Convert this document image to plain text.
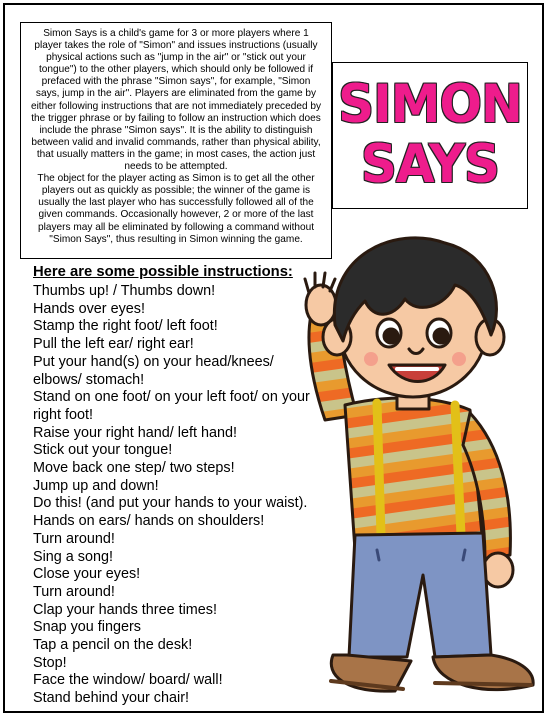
Simon Says is a child's game for 3 or more players where 1 player takes the role of "Simon" and issues instructions (usually physical actions such as "jump in the air" or "stick out your tongue") to the other players, which should only be followed if prefaced with the phrase "Simon says", for example, "Simon says, jump in the air". Players are eliminated from the game by either following instructions that are not immediately preceded by the trigger phrase or by failing to follow an instruction which does include the phrase "Simon says". It is the ability to distinguish between valid and invalid commands, rather than physical ability, that usually matters in the game; in most cases, the action just needs to be attempted.

The object for the player acting as Simon is to get all the other players out as quickly as possible; the winner of the game is usually the last player who has successfully followed all of the given commands. Occasionally however, 2 or more of the last players may all be eliminated by following a command without "Simon Says", thus resulting in Simon winning the game.

SIMON
SAYS
Here are some possible instructions:
Thumbs up! / Thumbs down!
Hands over eyes!
Stamp the right foot/ left foot!
Pull the left ear/ right ear!
Put your hand(s) on your head/knees/ elbows/ stomach!
Stand on one foot/ on your left foot/ on your right foot!
Raise your right hand/ left hand!
Stick out your tongue!
Move back one step/ two steps!
Jump up and down!
Do this! (and put your hands to your waist).
Hands on ears/ hands on shoulders!
Turn around!
Sing a song!
Close your eyes!
Turn around!
Clap your hands three times!
Snap you fingers
Tap a pencil on the desk!
Stop!
Face the window/ board/ wall!
Stand behind your chair!
